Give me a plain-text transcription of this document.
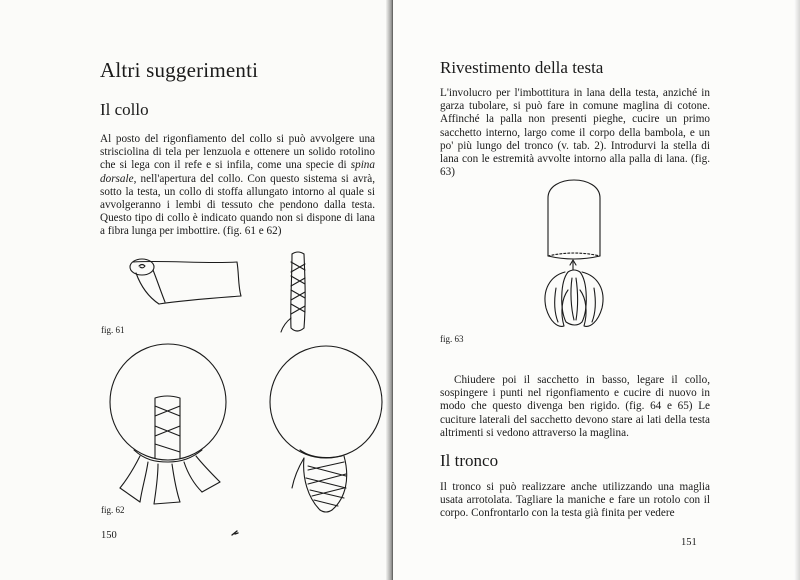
Altri suggerimenti
Il collo

Al posto del rigonfiamento del collo si può avvolgere una strisciolina di tela per lenzuola e ottenere un solido rotolino che si lega con il refe e si infila, come una specie di spina dorsale, nell'apertura del collo. Con questo sistema si avrà, sotto la testa, un collo di stoffa allungato intorno al quale si avvolgeranno i lembi di tessuto che pendono dalla testa. Questo tipo di collo è indicato quando non si dispone di lana a fibra lunga per imbottire. (fig. 61 e 62)

fig. 61
fig. 62
150
Rivestimento della testa

L'involucro per l'imbottitura in lana della testa, anziché in garza tubolare, si può fare in comune maglina di cotone. Affinché la palla non presenti pieghe, cucire un primo sacchetto interno, largo come il corpo della bambola, e un po' più lungo del tronco (v. tab. 2). Introdurvi la stella di lana con le estremità avvolte intorno alla palla di lana. (fig. 63)

fig. 63

Chiudere poi il sacchetto in basso, legare il collo, sospingere i punti nel rigonfiamento e cucire di nuovo in modo che questo divenga ben rigido. (fig. 64 e 65) Le cuciture laterali del sacchetto devono stare ai lati della testa altrimenti si vedono attraverso la maglina.

Il tronco

Il tronco si può realizzare anche utilizzando una maglia usata arrotolata. Tagliare la maniche e fare un rotolo con il corpo. Confrontarlo con la testa già finita per vedere

151
